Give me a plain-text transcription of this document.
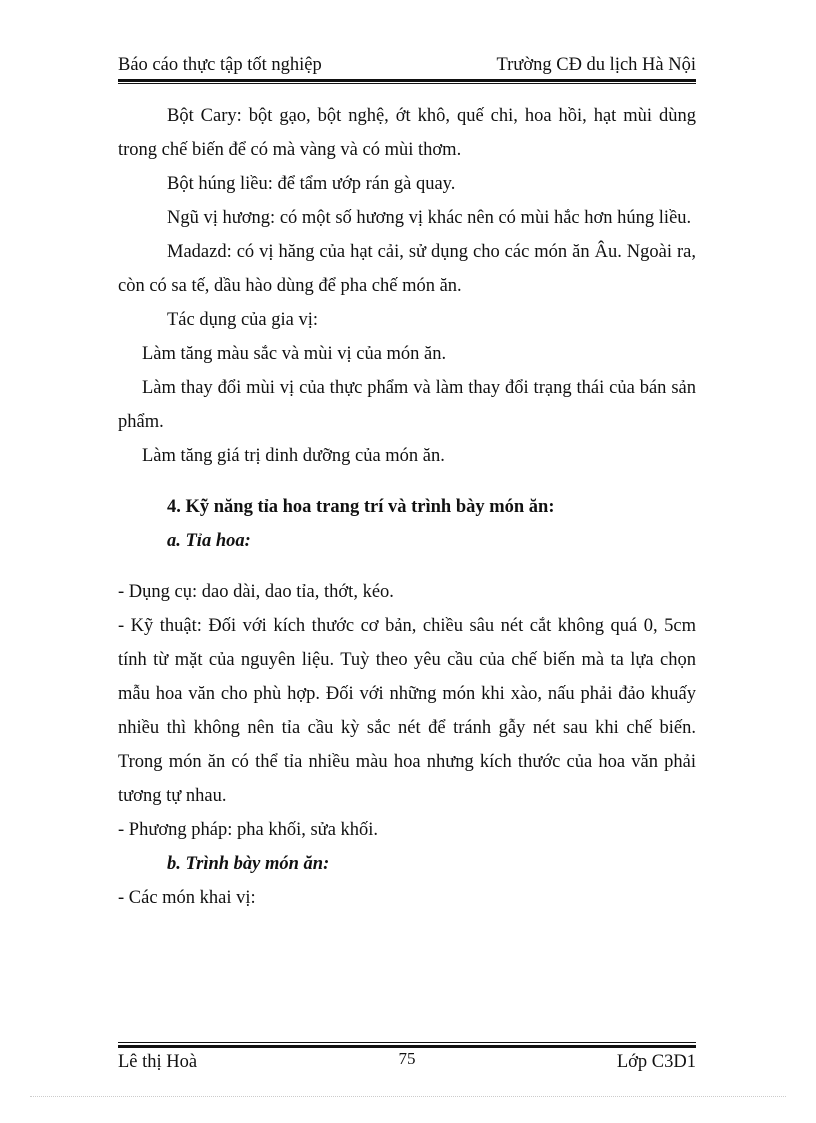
Báo cáo thực tập tốt nghiệp	Trường CĐ du lịch Hà Nội

Bột Cary: bột gạo, bột nghệ, ớt khô, quế chi, hoa hồi, hạt mùi dùng trong chế biến để có mà vàng và có mùi thơm.

Bột húng liều: để tẩm ướp rán gà quay.

Ngũ vị hương: có một số hương vị khác nên có mùi hắc hơn húng liều.

Madazd: có vị hăng của hạt cải, sử dụng cho các món ăn Âu. Ngoài ra, còn có sa tế, dầu hào dùng để pha chế món ăn.

Tác dụng của gia vị:

Làm tăng màu sắc và mùi vị của món ăn.

Làm thay đổi mùi vị của thực phẩm và làm thay đổi trạng thái của bán sản phẩm.

Làm tăng giá trị dinh dưỡng của món ăn.

4. Kỹ năng tỉa hoa trang trí và trình bày món ăn:

a. Tỉa hoa:

- Dụng cụ: dao dài, dao tỉa, thớt, kéo.

- Kỹ thuật: Đối với kích thước cơ bản, chiều sâu nét cắt không quá 0, 5cm tính từ mặt của nguyên liệu. Tuỳ theo yêu cầu của chế biến mà ta lựa chọn mẫu hoa văn cho phù hợp. Đối với những món khi xào, nấu phải đảo khuấy nhiều thì không nên tỉa cầu kỳ sắc nét để tránh gẫy nét sau khi chế biến. Trong món ăn có thể tỉa nhiều màu hoa nhưng kích thước của hoa văn phải tương tự nhau.

- Phương pháp: pha khối, sửa khối.

b. Trình bày món ăn:

- Các món khai vị:

Lê thị Hoà	75	Lớp C3D1
